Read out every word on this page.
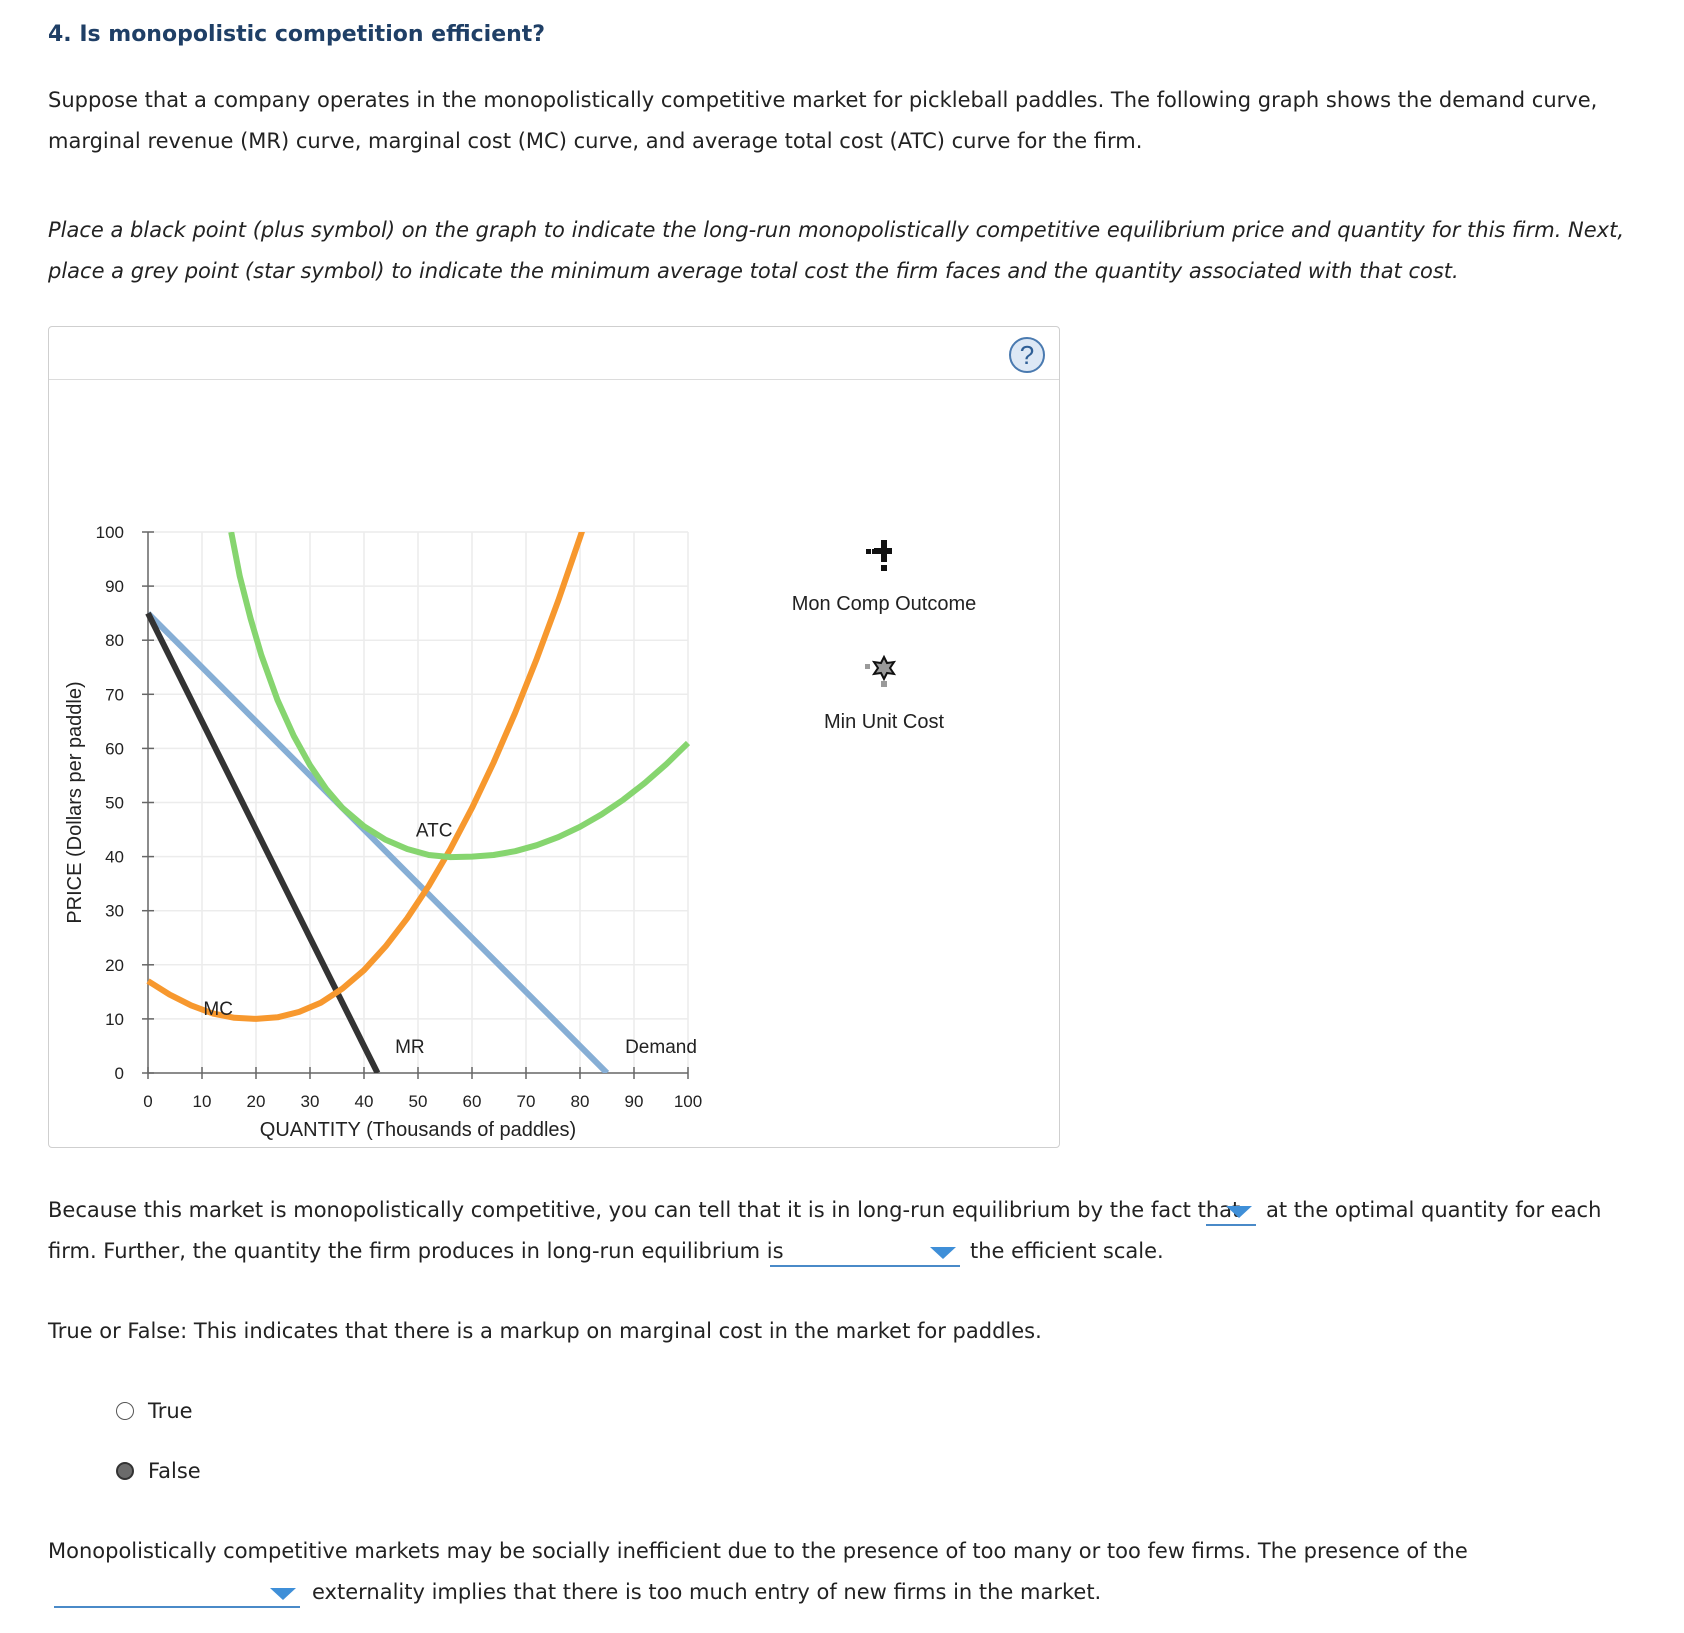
4. Is monopolistic competition efficient?
Suppose that a company operates in the monopolistically competitive market for pickleball paddles. The following graph shows the demand curve, marginal revenue (MR) curve, marginal cost (MC) curve, and average total cost (ATC) curve for the firm.
Place a black point (plus symbol) on the graph to indicate the long-run monopolistically competitive equilibrium price and quantity for this firm. Next, place a grey point (star symbol) to indicate the minimum average total cost the firm faces and the quantity associated with that cost.
?
0 10 20 30 40 50 60 70 80 90 100
0
10
20
30
40
50
60
70
80
90
100
Demand
MR
MC
ATC
QUANTITY (Thousands of paddles)
PRICE (Dollars per paddle)
Mon Comp Outcome
Min Unit Cost
Because this market is monopolistically competitive, you can tell that it is in long-run equilibrium by the fact that at the optimal quantity for each
firm. Further, the quantity the firm produces in long-run equilibrium is	the efficient scale.
True or False: This indicates that there is a markup on marginal cost in the market for paddles.
True
False
Monopolistically competitive markets may be socially inefficient due to the presence of too many or too few firms. The presence of the
externality implies that there is too much entry of new firms in the market.
